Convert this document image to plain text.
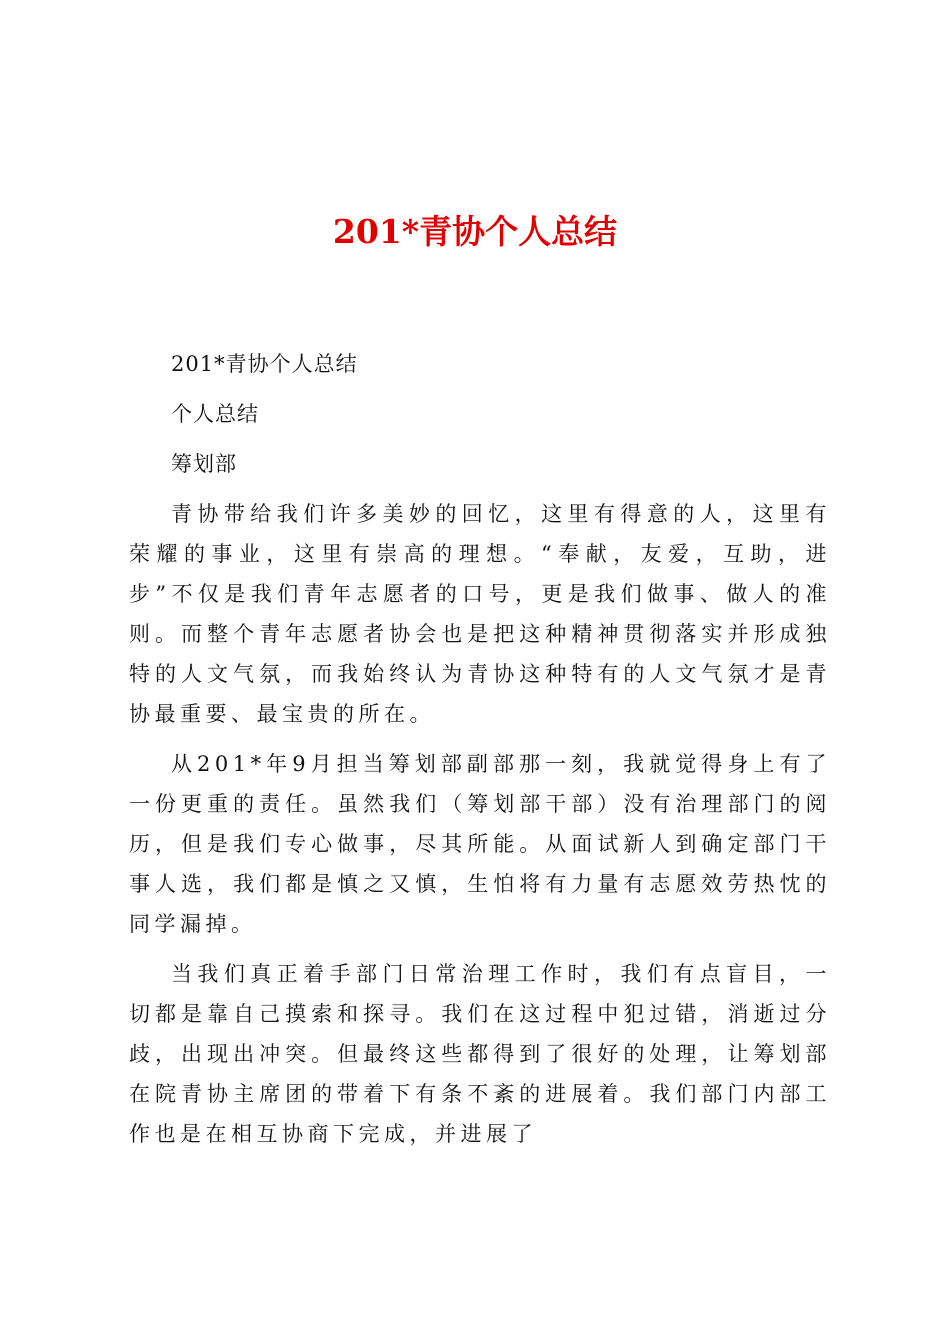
201*青协个人总结
201*青协个人总结
个人总结
筹划部

青协带给我们许多美妙的回忆，这里有得意的人，这里有荣耀的事业，这里有崇高的理想。“奉献，友爱，互助，进步”不仅是我们青年志愿者的口号，更是我们做事、做人的准则。而整个青年志愿者协会也是把这种精神贯彻落实并形成独特的人文气氛，而我始终认为青协这种特有的人文气氛才是青协最重要、最宝贵的所在。

从201*年9月担当筹划部副部那一刻，我就觉得身上有了一份更重的责任。虽然我们（筹划部干部）没有治理部门的阅历，但是我们专心做事，尽其所能。从面试新人到确定部门干事人选，我们都是慎之又慎，生怕将有力量有志愿效劳热忱的同学漏掉。

当我们真正着手部门日常治理工作时，我们有点盲目，一切都是靠自己摸索和探寻。我们在这过程中犯过错，消逝过分歧，出现出冲突。但最终这些都得到了很好的处理，让筹划部在院青协主席团的带着下有条不紊的进展着。我们部门内部工作也是在相互协商下完成，并进展了
